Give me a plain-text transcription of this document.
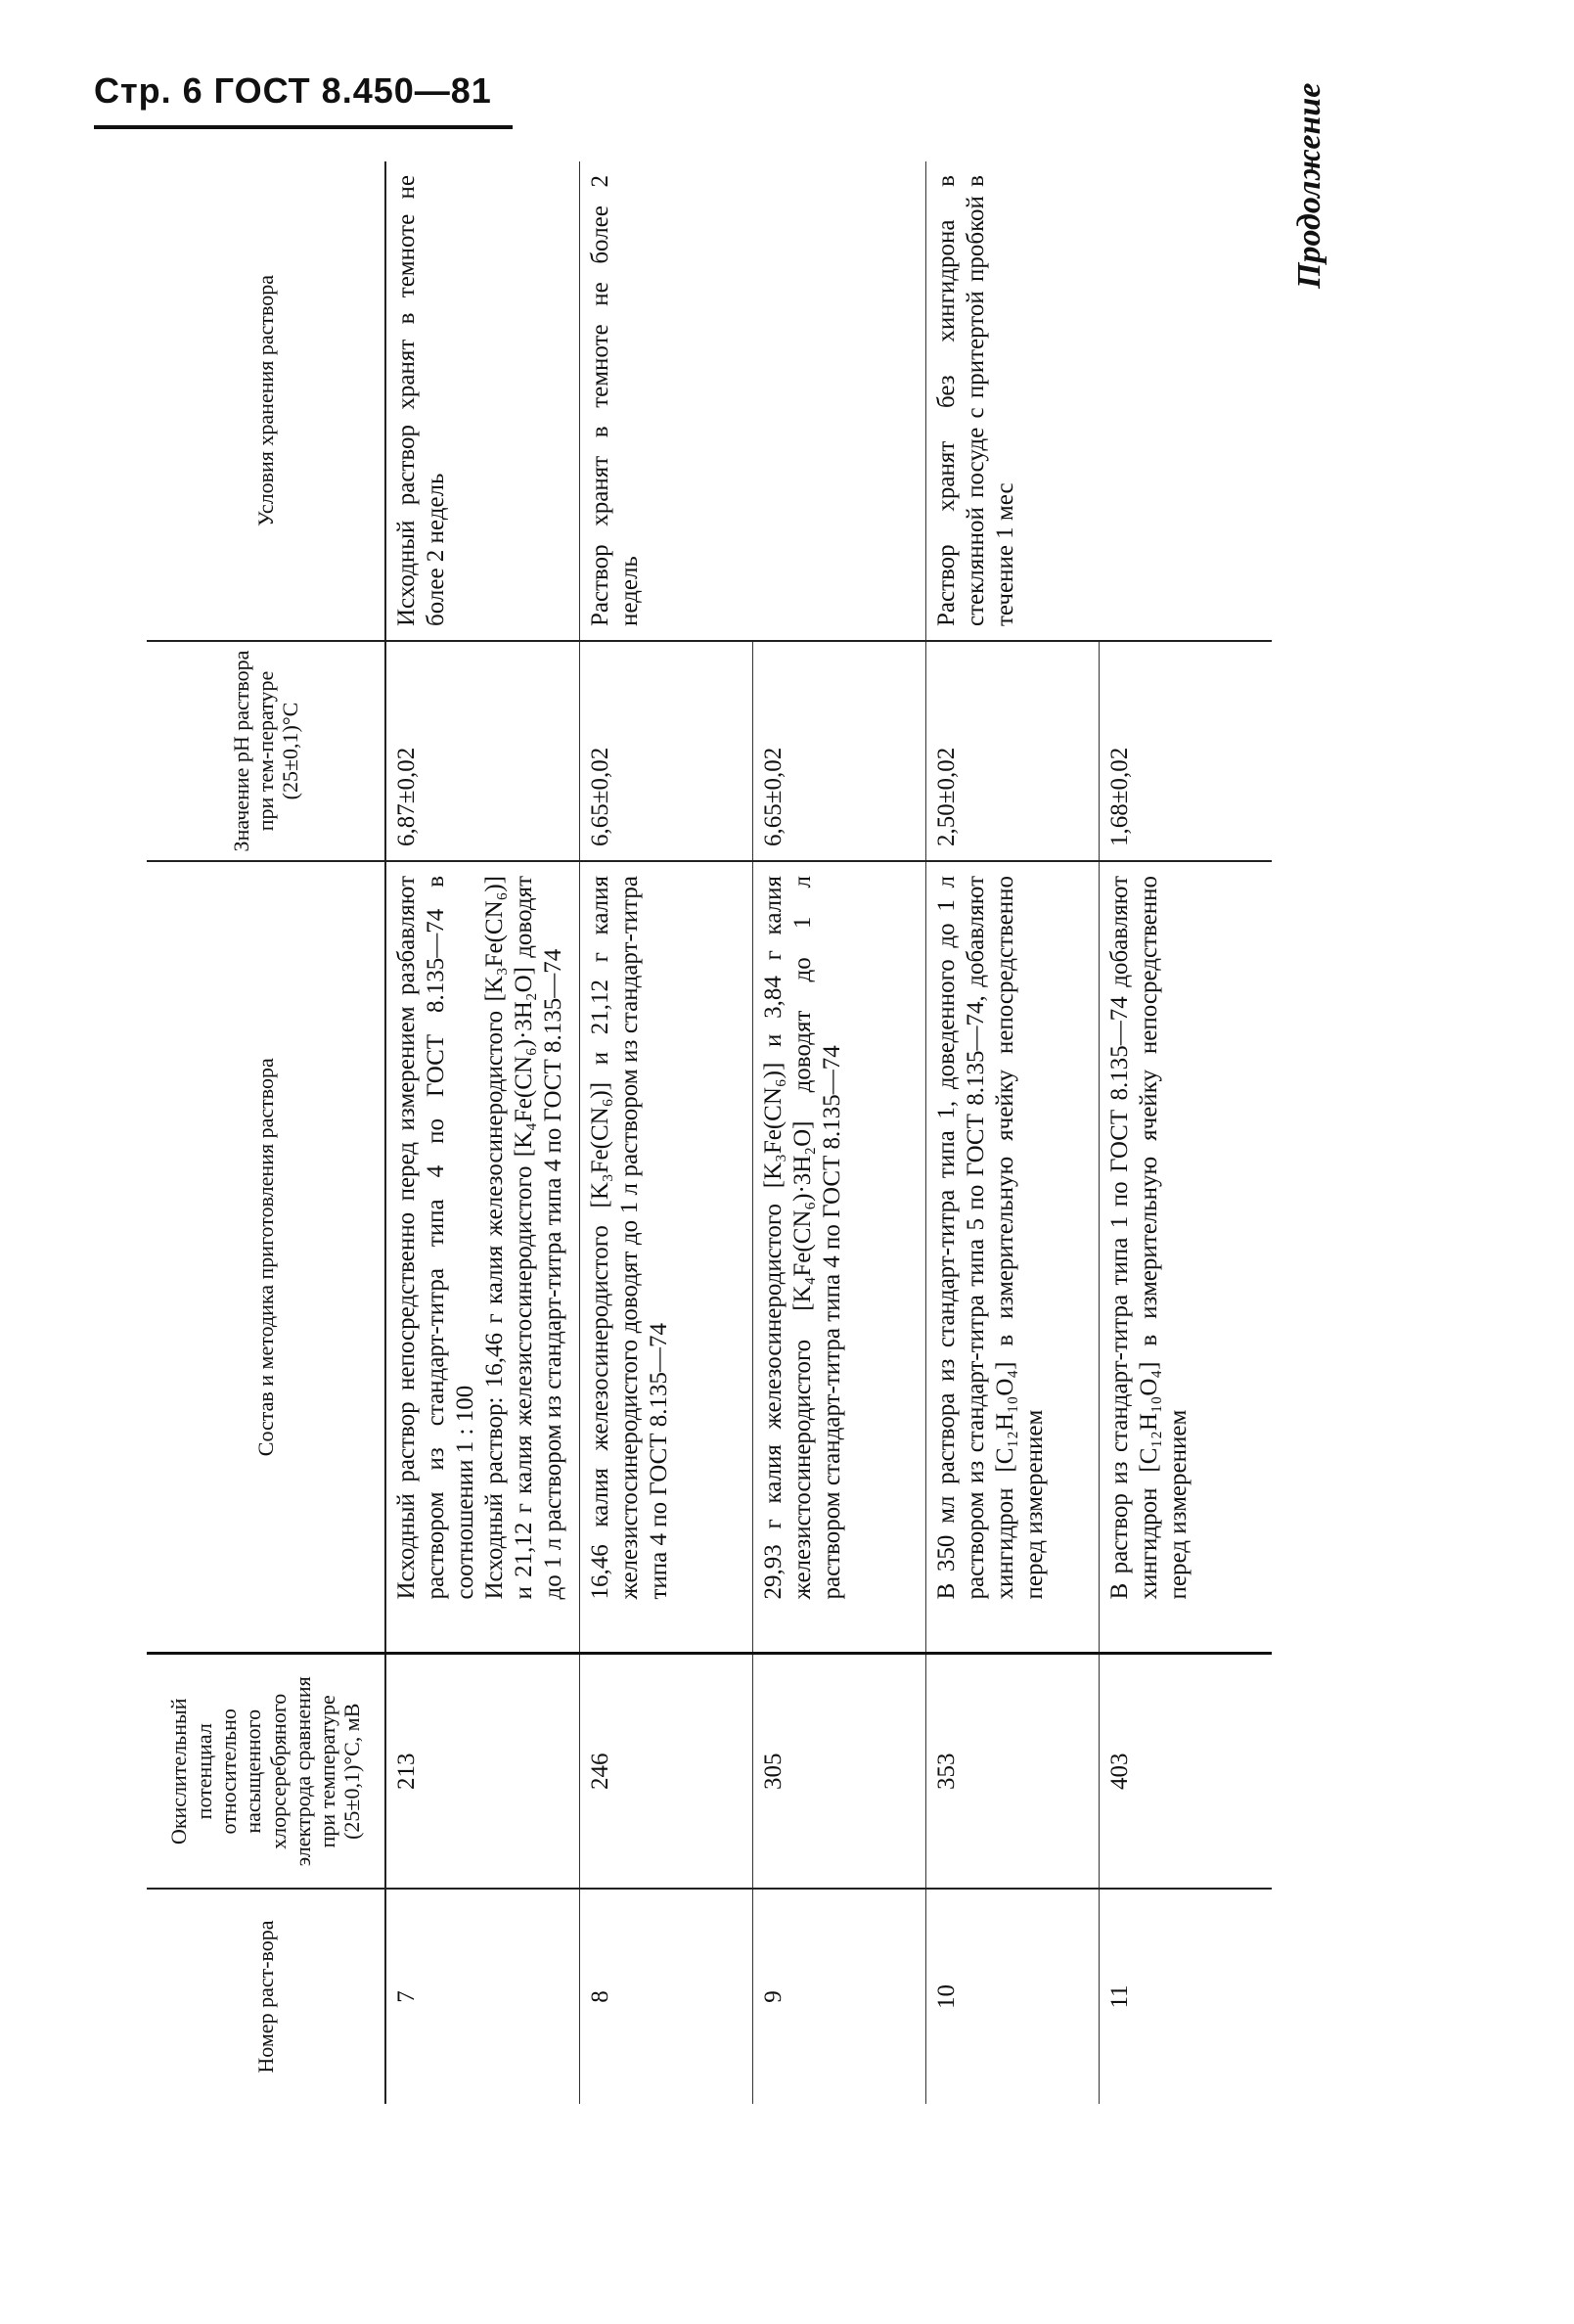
Стр. 6 ГОСТ 8.450—81	Продолжение
Номер раст-вора	Окислительный потенциал относительно насыщенного хлорсеребряного электрода сравнения при температуре (25±0,1)°С, мВ	Состав и методика приготовления раствора	Значение рН раствора при тем-пературе (25±0,1)°С	Условия хранения раствора
7	213	Исходный раствор непосредственно перед измерением разбавляют раствором из стандарт-титра типа 4 по ГОСТ 8.135—74 в соотношении 1 : 100 Исходный раствор: 16,46 г калия железосинеродистого [K₃Fe(CN₆)] и 21,12 г калия железистосинеродистого [K₄Fe(CN₆)·3H₂O] доводят до 1 л раствором из стандарт-титра типа 4 по ГОСТ 8.135—74	6,87±0,02	Исходный раствор хранят в темноте не более 2 недель
8	246	16,46 калия железосинеродистого [K₃Fe(CN₆)] и 21,12 г калия железистосинеродистого доводят до 1 л раствором из стандарт-титра типа 4 по ГОСТ 8.135—74	6,65±0,02	Раствор хранят в темноте не более 2 недель
9	305	29,93 г калия железосинеродистого [K₃Fe(CN₆)] и 3,84 г калия железистосинеродистого [K₄Fe(CN₆)·3H₂O] доводят до 1 л раствором стандарт-титра типа 4 по ГОСТ 8.135—74	6,65±0,02	
10	353	В 350 мл раствора из стандарт-титра типа 1, доведенного до 1 л раствором из стандарт-титра типа 5 по ГОСТ 8.135—74, добавляют хингидрон [C₁₂H₁₀O₄] в измерительную ячейку непосредственно перед измерением	2,50±0,02	Раствор хранят без хингидрона в стеклянной посуде с притертой пробкой в течение 1 мес
11	403	В раствор из стандарт-титра типа 1 по ГОСТ 8.135—74 добавляют хингидрон [C₁₂H₁₀O₄] в измерительную ячейку непосредственно перед измерением	1,68±0,02	
